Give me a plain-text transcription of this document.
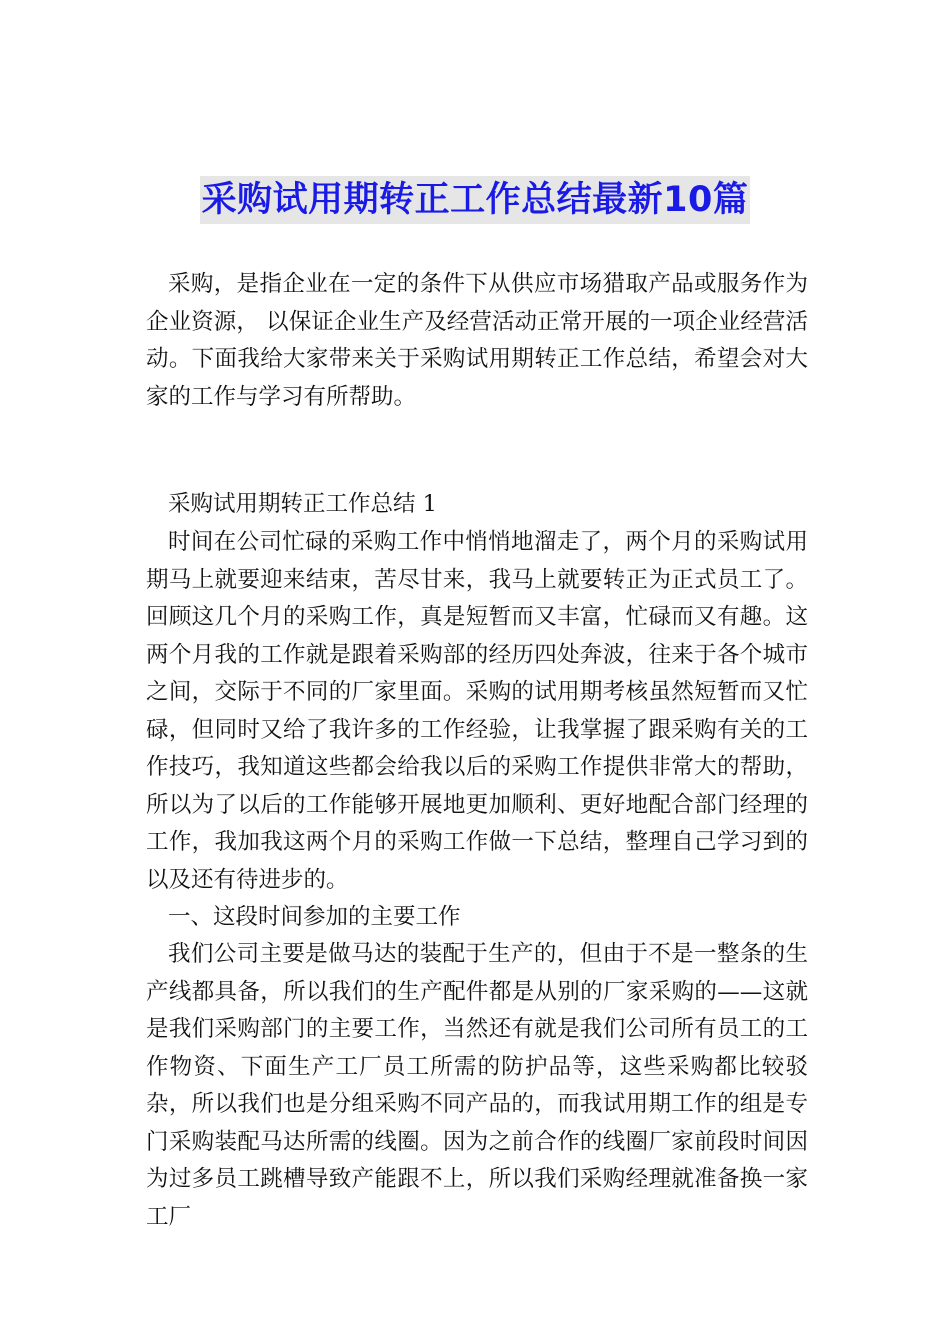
采购试用期转正工作总结最新10篇

采购，是指企业在一定的条件下从供应市场猎取产品或服务作为企业资源， 以保证企业生产及经营活动正常开展的一项企业经营活动。下面我给大家带来关于采购试用期转正工作总结，希望会对大家的工作与学习有所帮助。

采购试用期转正工作总结 1

时间在公司忙碌的采购工作中悄悄地溜走了，两个月的采购试用期马上就要迎来结束，苦尽甘来，我马上就要转正为正式员工了。回顾这几个月的采购工作，真是短暂而又丰富，忙碌而又有趣。这两个月我的工作就是跟着采购部的经历四处奔波，往来于各个城市之间，交际于不同的厂家里面。采购的试用期考核虽然短暂而又忙碌，但同时又给了我许多的工作经验，让我掌握了跟采购有关的工作技巧，我知道这些都会给我以后的采购工作提供非常大的帮助，所以为了以后的工作能够开展地更加顺利、更好地配合部门经理的工作，我加我这两个月的采购工作做一下总结，整理自己学习到的以及还有待进步的。

一、这段时间参加的主要工作

我们公司主要是做马达的装配于生产的，但由于不是一整条的生产线都具备，所以我们的生产配件都是从别的厂家采购的——这就是我们采购部门的主要工作，当然还有就是我们公司所有员工的工作物资、下面生产工厂员工所需的防护品等，这些采购都比较驳杂，所以我们也是分组采购不同产品的，而我试用期工作的组是专门采购装配马达所需的线圈。因为之前合作的线圈厂家前段时间因为过多员工跳槽导致产能跟不上，所以我们采购经理就准备换一家工厂
